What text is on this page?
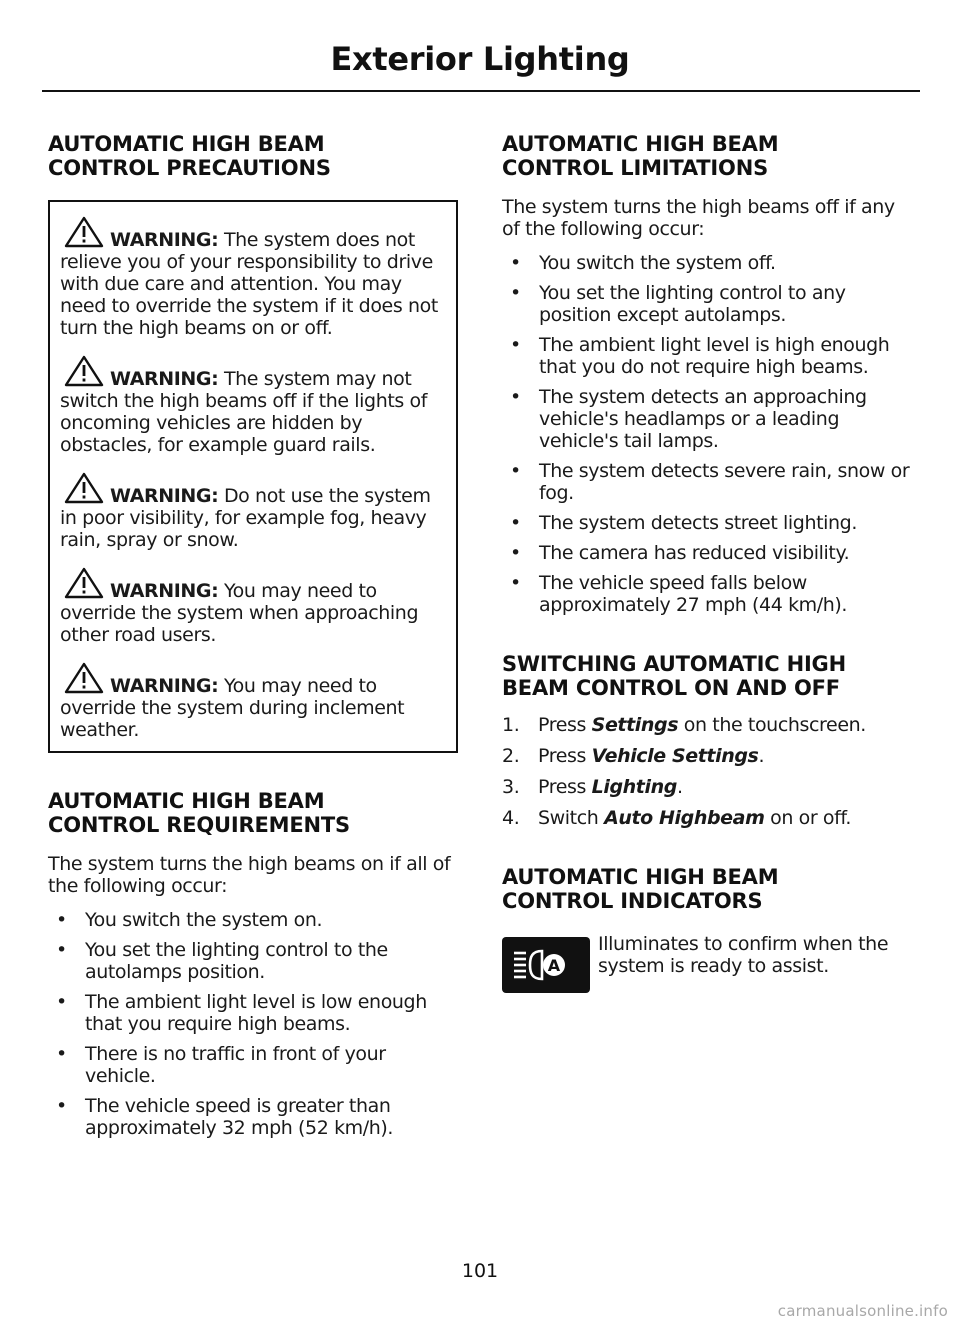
Exterior Lighting
AUTOMATIC HIGH BEAM
CONTROL PRECAUTIONS

WARNING: The system does not relieve you of your responsibility to drive with due care and attention. You may need to override the system if it does not turn the high beams on or off.

WARNING: The system may not switch the high beams off if the lights of oncoming vehicles are hidden by obstacles, for example guard rails.

WARNING: Do not use the system in poor visibility, for example fog, heavy rain, spray or snow.

WARNING: You may need to override the system when approaching other road users.

WARNING: You may need to override the system during inclement weather.

AUTOMATIC HIGH BEAM
CONTROL REQUIREMENTS

The system turns the high beams on if all of the following occur:

• You switch the system on.
• You set the lighting control to the autolamps position.
• The ambient light level is low enough that you require high beams.
• There is no traffic in front of your vehicle.
• The vehicle speed is greater than approximately 32 mph (52 km/h).
AUTOMATIC HIGH BEAM
CONTROL LIMITATIONS

The system turns the high beams off if any of the following occur:

• You switch the system off.
• You set the lighting control to any position except autolamps.
• The ambient light level is high enough that you do not require high beams.
• The system detects an approaching vehicle's headlamps or a leading vehicle's tail lamps.
• The system detects severe rain, snow or fog.
• The system detects street lighting.
• The camera has reduced visibility.
• The vehicle speed falls below approximately 27 mph (44 km/h).
SWITCHING AUTOMATIC HIGH
BEAM CONTROL ON AND OFF
1. Press Settings on the touchscreen.
2. Press Vehicle Settings.
3. Press Lighting.
4. Switch Auto Highbeam on or off.
AUTOMATIC HIGH BEAM
CONTROL INDICATORS
A

Illuminates to confirm when the system is ready to assist.

101
carmanualsonline.info
